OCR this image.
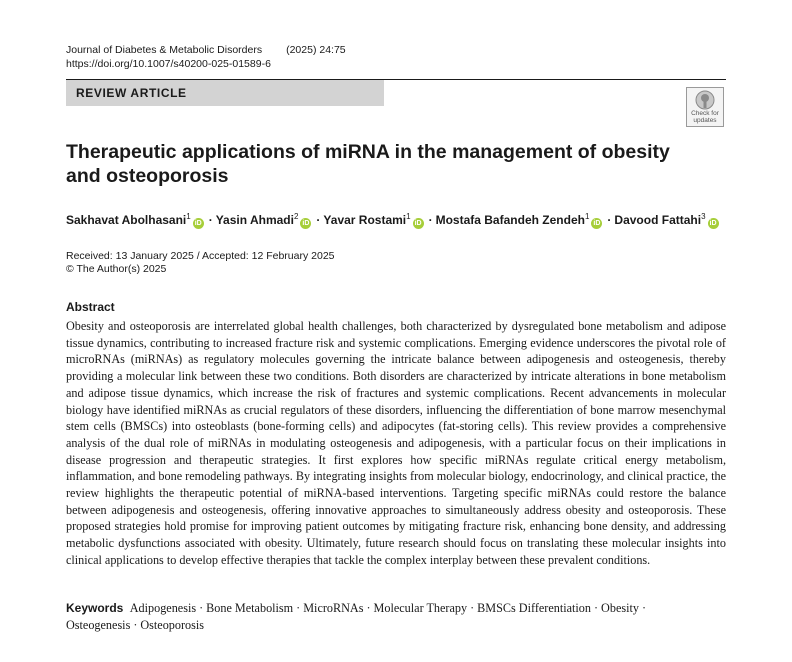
Journal of Diabetes & Metabolic Disorders (2025) 24:75
https://doi.org/10.1007/s40200-025-01589-6
REVIEW ARTICLE
Check for
updates
Therapeutic applications of miRNA in the management of obesity and osteoporosis
Sakhavat Abolhasani$^1$iD · Yasin Ahmadi$^2$iD · Yavar Rostami$^1$iD · Mostafa Bafandeh Zendeh$^1$iD · Davood Fattahi$^3$iD
Received: 13 January 2025 / Accepted: 12 February 2025
© The Author(s) 2025
Abstract

Obesity and osteoporosis are interrelated global health challenges, both characterized by dysregulated bone metabolism and adipose tissue dynamics, contributing to increased fracture risk and systemic complications. Emerging evidence underscores the pivotal role of microRNAs (miRNAs) as regulatory molecules governing the intricate balance between adipogenesis and osteogenesis, thereby providing a molecular link between these two conditions. Both disorders are characterized by intricate alterations in bone metabolism and adipose tissue dynamics, which increase the risk of fractures and systemic complications. Recent advancements in molecular biology have identified miRNAs as crucial regulators of these disorders, influencing the differentiation of bone marrow mesenchymal stem cells (BMSCs) into osteoblasts (bone-forming cells) and adipocytes (fat-storing cells). This review provides a comprehensive analysis of the dual role of miRNAs in modulating osteogenesis and adipogenesis, with a particular focus on their implications in disease progression and therapeutic strategies. It first explores how specific miRNAs regulate critical energy metabolism, inflammation, and bone remodeling pathways. By integrating insights from molecular biology, endocrinology, and clinical practice, the review highlights the therapeutic potential of miRNA-based interventions. Targeting specific miRNAs could restore the balance between adipogenesis and osteogenesis, offering innovative approaches to simultaneously address obesity and osteoporosis. These proposed strategies hold promise for improving patient outcomes by mitigating fracture risk, enhancing bone density, and addressing metabolic dysfunctions associated with obesity. Ultimately, future research should focus on translating these molecular insights into clinical applications to develop effective therapies that tackle the complex interplay between these prevalent conditions.

Keywords Adipogenesis · Bone Metabolism · MicroRNAs · Molecular Therapy · BMSCs Differentiation · Obesity ·
Osteogenesis · Osteoporosis
